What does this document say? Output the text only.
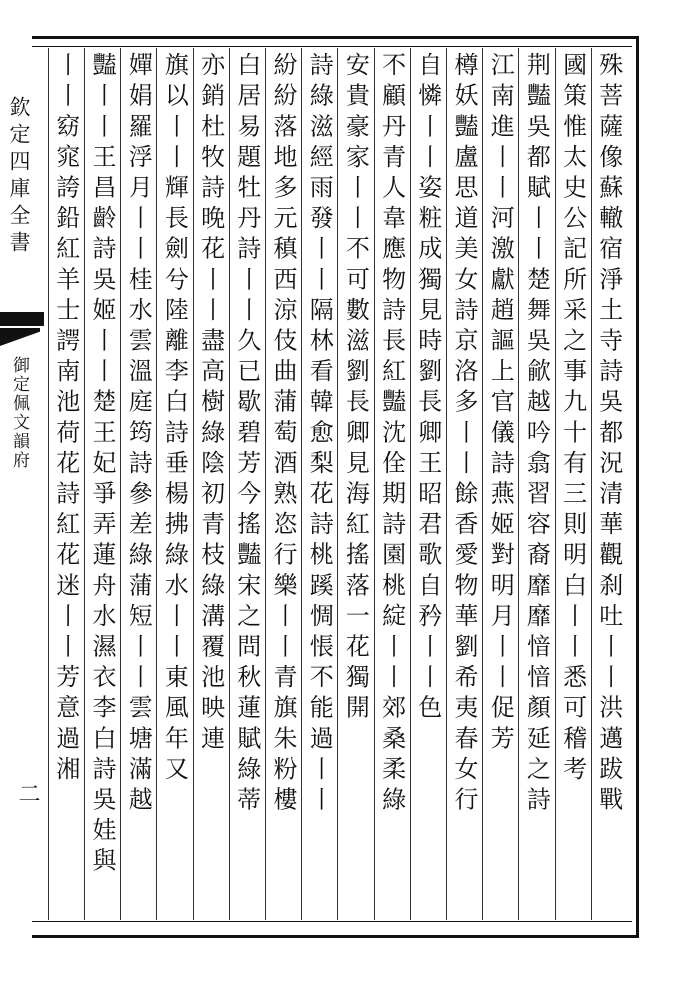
欽定四庫全書
御定佩文韻府
二	殊菩薩像蘇轍宿淨土寺詩吳都況清華觀刹吐丨丨洪邁跋戰
國策惟太史公記所采之事九十有三則明白丨丨悉可稽考
荆豔吳都賦丨丨楚舞吳歈越吟翕習容裔靡靡愔愔顏延之詩
江南進丨丨河激獻趙謳上官儀詩燕姬對明月丨丨促芳
樽妖豔盧思道美女詩京洛多丨丨餘香愛物華劉希夷春女行
自憐丨丨姿粧成獨見時劉長卿王昭君歌自矜丨丨色
不顧丹青人韋應物詩長紅豔沈佺期詩園桃綻丨丨郊桑柔綠
安貴豪家丨丨不可數滋劉長卿見海紅搖落一花獨開
詩綠滋經雨發丨丨隔林看韓愈梨花詩桃蹊惆悵不能過丨丨
紛紛落地多元稹西涼伎曲蒲萄酒熟恣行樂丨丨青旗朱粉樓
白居易題牡丹詩丨丨久已歇碧芳今搖豔宋之問秋蓮賦綠蒂
亦銷杜牧詩晚花丨丨盡高樹綠陰初青枝綠溝覆池映連
旗以丨丨輝長劍兮陸離李白詩垂楊拂綠水丨丨東風年又
嬋娟羅浮月丨丨桂水雲溫庭筠詩參差綠蒲短丨丨雲塘滿越
豔丨丨王昌齡詩吳姬丨丨楚王妃爭弄蓮舟水濕衣李白詩吳娃與
丨丨窈窕誇鉛紅羊士諤南池荷花詩紅花迷丨丨芳意過湘
